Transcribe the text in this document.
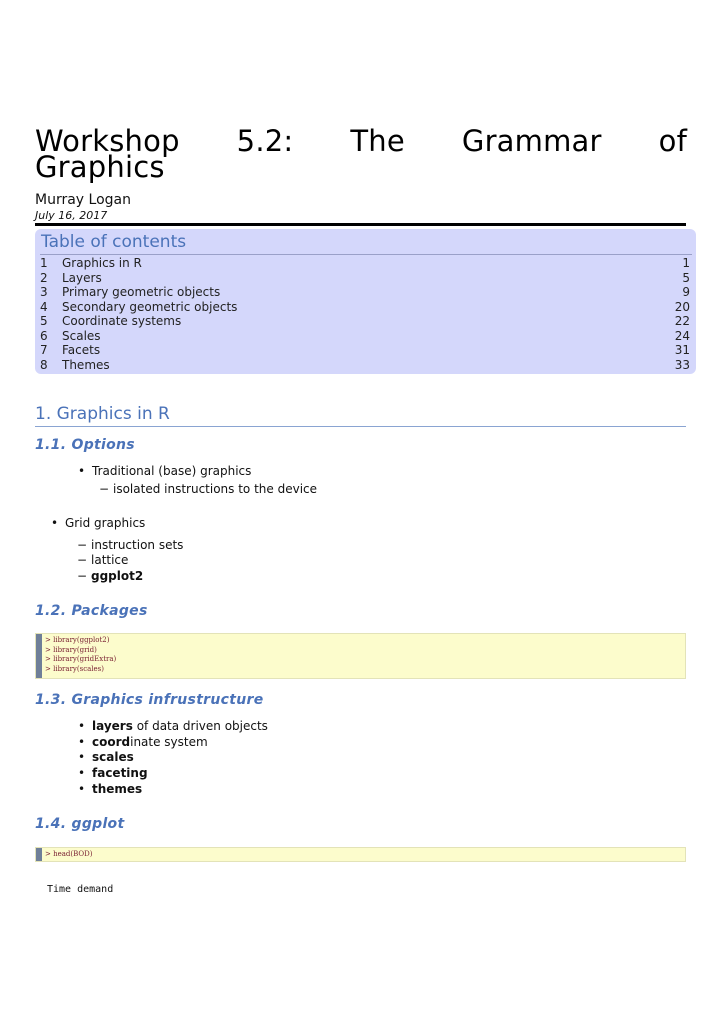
Workshop 5.2: The Grammar of
Graphics
Murray Logan
July 16, 2017
Table of contents
1	Graphics in R	1
2	Layers	5
3	Primary geometric objects	9
4	Secondary geometric objects	20
5	Coordinate systems	22
6	Scales	24
7	Facets	31
8	Themes	33
1. Graphics in R
1.1. Options
• Traditional (base) graphics
− isolated instructions to the device
• Grid graphics
− instruction sets
− lattice
− ggplot2
1.2. Packages
> library(ggplot2)
> library(grid)
> library(gridExtra)
> library(scales)
1.3. Graphics infrustructure
• layers of data driven objects
• coordinate system
• scales
• faceting
• themes
1.4. ggplot
> head(BOD)
Time demand
